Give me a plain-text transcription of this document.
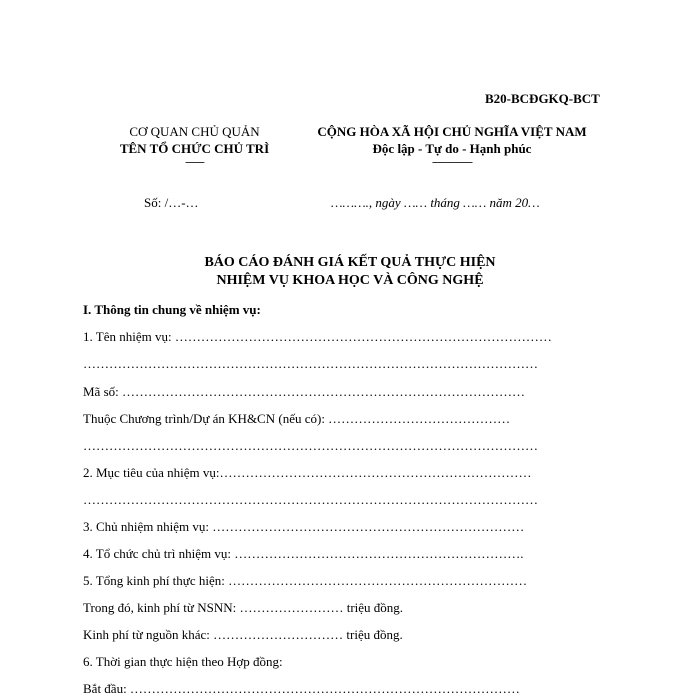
B20-BCĐGKQ-BCT
CƠ QUAN CHỦ QUẢN
TÊN TỔ CHỨC CHỦ TRÌ
-------
CỘNG HÒA XÃ HỘI CHỦ NGHĨA VIỆT NAM
Độc lập - Tự do - Hạnh phúc
---------------
Số: /…-…	………., ngày …… tháng …… năm 20…
BÁO CÁO ĐÁNH GIÁ KẾT QUẢ THỰC HIỆN
NHIỆM VỤ KHOA HỌC VÀ CÔNG NGHỆ
I. Thông tin chung về nhiệm vụ:
1. Tên nhiệm vụ: ……………………………………………………………………………
……………………………………………………………………………………………
Mã số: …………………………………………………………………………………
Thuộc Chương trình/Dự án KH&CN (nếu có): ……………………………………
……………………………………………………………………………………………
2. Mục tiêu của nhiệm vụ:………………………………………………………………
……………………………………………………………………………………………
3. Chủ nhiệm nhiệm vụ: ………………………………………………………………
4. Tổ chức chủ trì nhiệm vụ: ………………………………………………………….
5. Tổng kinh phí thực hiện: ……………………………………………………………
Trong đó, kinh phí từ NSNN: …………………… triệu đồng.
Kinh phí từ nguồn khác: ………………………… triệu đồng.
6. Thời gian thực hiện theo Hợp đồng:
Bắt đầu: ………………………………………………………………………………
